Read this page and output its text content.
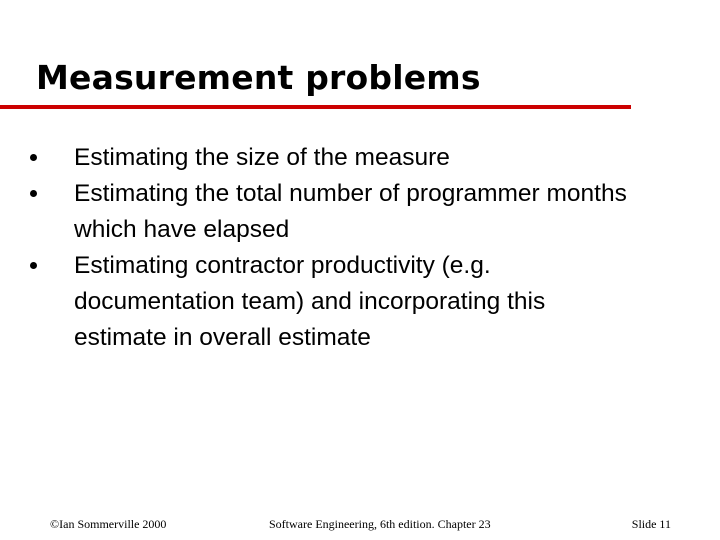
Measurement problems
Estimating the size of the measure
Estimating the total number of programmer months which have elapsed
Estimating contractor productivity (e.g. documentation team) and incorporating this estimate in overall estimate
©Ian Sommerville 2000	Software Engineering, 6th edition. Chapter 23	Slide 11
